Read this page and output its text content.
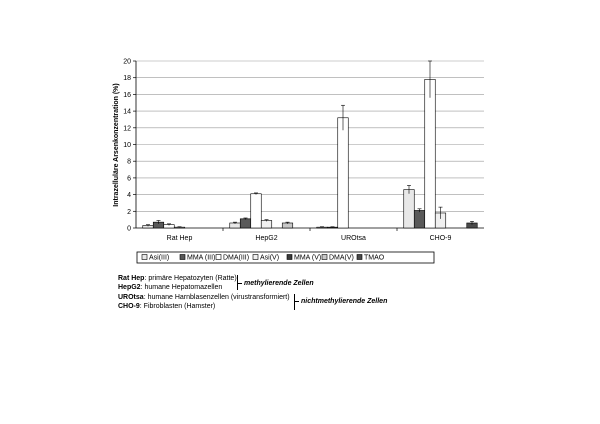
0
2
4
6
8
10
12
14
16
18
20
Rat Hep	HepG2	UROtsa	CHO-9
Intrazelluläre Arsenkonzentration (%)
Asi(III)	MMA (III) DMA(III) Asi(V) MMA (V) DMA(V) TMAO
Rat Hep: primäre Hepatozyten (Ratte)
HepG2: humane Hepatomazellen
UROtsa: humane Harnblasenzellen (virustransformiert)
CHO-9: Fibroblasten (Hamster)
methylierende Zellen
nichtmethylierende Zellen
